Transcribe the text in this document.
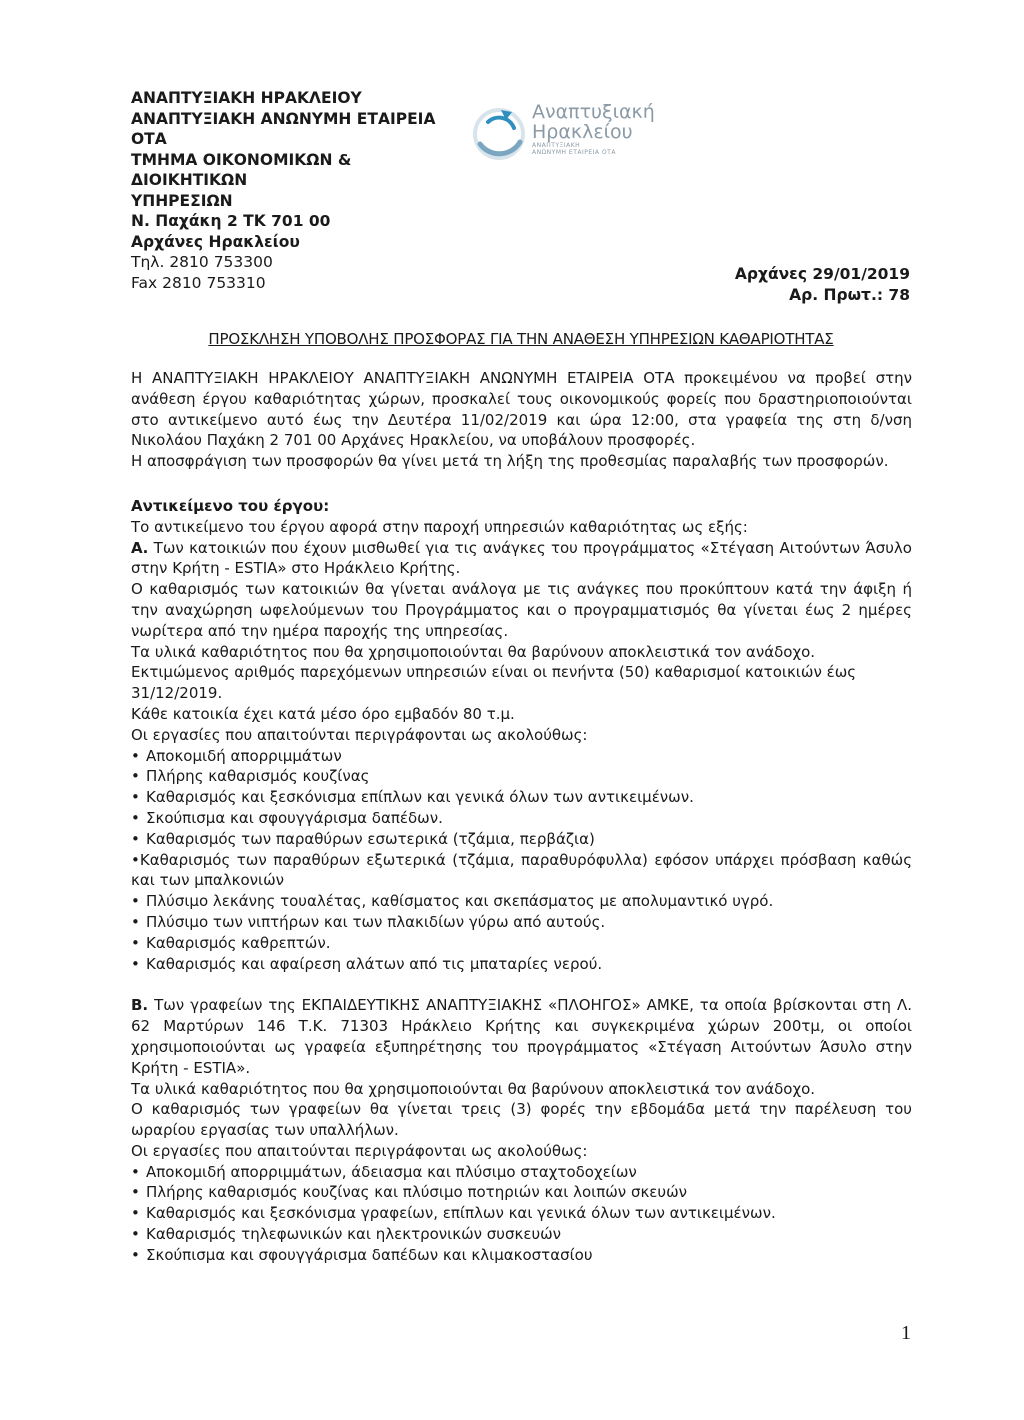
ΑΝΑΠΤΥΞΙΑΚΗ ΗΡΑΚΛΕΙΟΥ
ΑΝΑΠΤΥΞΙΑΚΗ ΑΝΩΝΥΜΗ ΕΤΑΙΡΕΙΑ ΟΤΑ
ΤΜΗΜΑ ΟΙΚΟΝΟΜΙΚΩΝ & ΔΙΟΙΚΗΤΙΚΩΝ
ΥΠΗΡΕΣΙΩΝ
Ν. Παχάκη 2 ΤΚ 701 00
Αρχάνες Ηρακλείου
Τηλ. 2810 753300
Fax 2810 753310
Αναπτυξιακή
Ηρακλείου
ΑΝΑΠΤΥΞΙΑΚΗ
ΑΝΩΝΥΜΗ ΕΤΑΙΡΕΙΑ ΟΤΑ
Αρχάνες 29/01/2019
Αρ. Πρωτ.: 78
ΠΡΟΣΚΛΗΣΗ ΥΠΟΒΟΛΗΣ ΠΡΟΣΦΟΡΑΣ ΓΙΑ ΤΗΝ ΑΝΑΘΕΣΗ ΥΠΗΡΕΣΙΩΝ ΚΑΘΑΡΙΟΤΗΤΑΣ

Η ΑΝΑΠΤΥΞΙΑΚΗ ΗΡΑΚΛΕΙΟΥ ΑΝΑΠΤΥΞΙΑΚΗ ΑΝΩΝΥΜΗ ΕΤΑΙΡΕΙΑ ΟΤΑ προκειμένου να προβεί στην ανάθεση έργου καθαριότητας χώρων, προσκαλεί τους οικονομικούς φορείς που δραστηριοποιούνται στο αντικείμενο αυτό έως την Δευτέρα 11/02/2019 και ώρα 12:00, στα γραφεία της στη δ/νση Νικολάου Παχάκη 2 701 00 Αρχάνες Ηρακλείου, να υποβάλουν προσφορές.

Η αποσφράγιση των προσφορών θα γίνει μετά τη λήξη της προθεσμίας παραλαβής των προσφορών.

Αντικείμενο του έργου:

Το αντικείμενο του έργου αφορά στην παροχή υπηρεσιών καθαριότητας ως εξής:

Α. Των κατοικιών που έχουν μισθωθεί για τις ανάγκες του προγράμματος «Στέγαση Αιτούντων Άσυλο στην Κρήτη - ESTIA» στο Ηράκλειο Κρήτης.

Ο καθαρισμός των κατοικιών θα γίνεται ανάλογα με τις ανάγκες που προκύπτουν κατά την άφιξη ή την αναχώρηση ωφελούμενων του Προγράμματος και ο προγραμματισμός θα γίνεται έως 2 ημέρες νωρίτερα από την ημέρα παροχής της υπηρεσίας.

Τα υλικά καθαριότητος που θα χρησιμοποιούνται θα βαρύνουν αποκλειστικά τον ανάδοχο.

Εκτιμώμενος αριθμός παρεχόμενων υπηρεσιών είναι οι πενήντα (50) καθαρισμοί κατοικιών έως 31/12/2019.

Κάθε κατοικία έχει κατά μέσο όρο εμβαδόν 80 τ.μ.

Οι εργασίες που απαιτούνται περιγράφονται ως ακολούθως:

• Αποκομιδή απορριμμάτων
• Πλήρης καθαρισμός κουζίνας
• Καθαρισμός και ξεσκόνισμα επίπλων και γενικά όλων των αντικειμένων.
• Σκούπισμα και σφουγγάρισμα δαπέδων.
• Καθαρισμός των παραθύρων εσωτερικά (τζάμια, περβάζια)
•Καθαρισμός των παραθύρων εξωτερικά (τζάμια, παραθυρόφυλλα) εφόσον υπάρχει πρόσβαση καθώς και των μπαλκονιών
• Πλύσιμο λεκάνης τουαλέτας, καθίσματος και σκεπάσματος με απολυμαντικό υγρό.
• Πλύσιμο των νιπτήρων και των πλακιδίων γύρω από αυτούς.
• Καθαρισμός καθρεπτών.
• Καθαρισμός και αφαίρεση αλάτων από τις μπαταρίες νερού.

Β. Των γραφείων της ΕΚΠΑΙΔΕΥΤΙΚΗΣ ΑΝΑΠΤΥΞΙΑΚΗΣ «ΠΛΟΗΓΟΣ» ΑΜΚΕ, τα οποία βρίσκονται στη Λ. 62 Μαρτύρων 146 Τ.Κ. 71303 Ηράκλειο Κρήτης και συγκεκριμένα χώρων 200τμ, οι οποίοι χρησιμοποιούνται ως γραφεία εξυπηρέτησης του προγράμματος «Στέγαση Αιτούντων Άσυλο στην Κρήτη - ESTIA».

Τα υλικά καθαριότητος που θα χρησιμοποιούνται θα βαρύνουν αποκλειστικά τον ανάδοχο.

Ο καθαρισμός των γραφείων θα γίνεται τρεις (3) φορές την εβδομάδα μετά την παρέλευση του ωραρίου εργασίας των υπαλλήλων.

Οι εργασίες που απαιτούνται περιγράφονται ως ακολούθως:

• Αποκομιδή απορριμμάτων, άδειασμα και πλύσιμο σταχτοδοχείων
• Πλήρης καθαρισμός κουζίνας και πλύσιμο ποτηριών και λοιπών σκευών
• Καθαρισμός και ξεσκόνισμα γραφείων, επίπλων και γενικά όλων των αντικειμένων.
• Καθαρισμός τηλεφωνικών και ηλεκτρονικών συσκευών
• Σκούπισμα και σφουγγάρισμα δαπέδων και κλιμακοστασίου
1
